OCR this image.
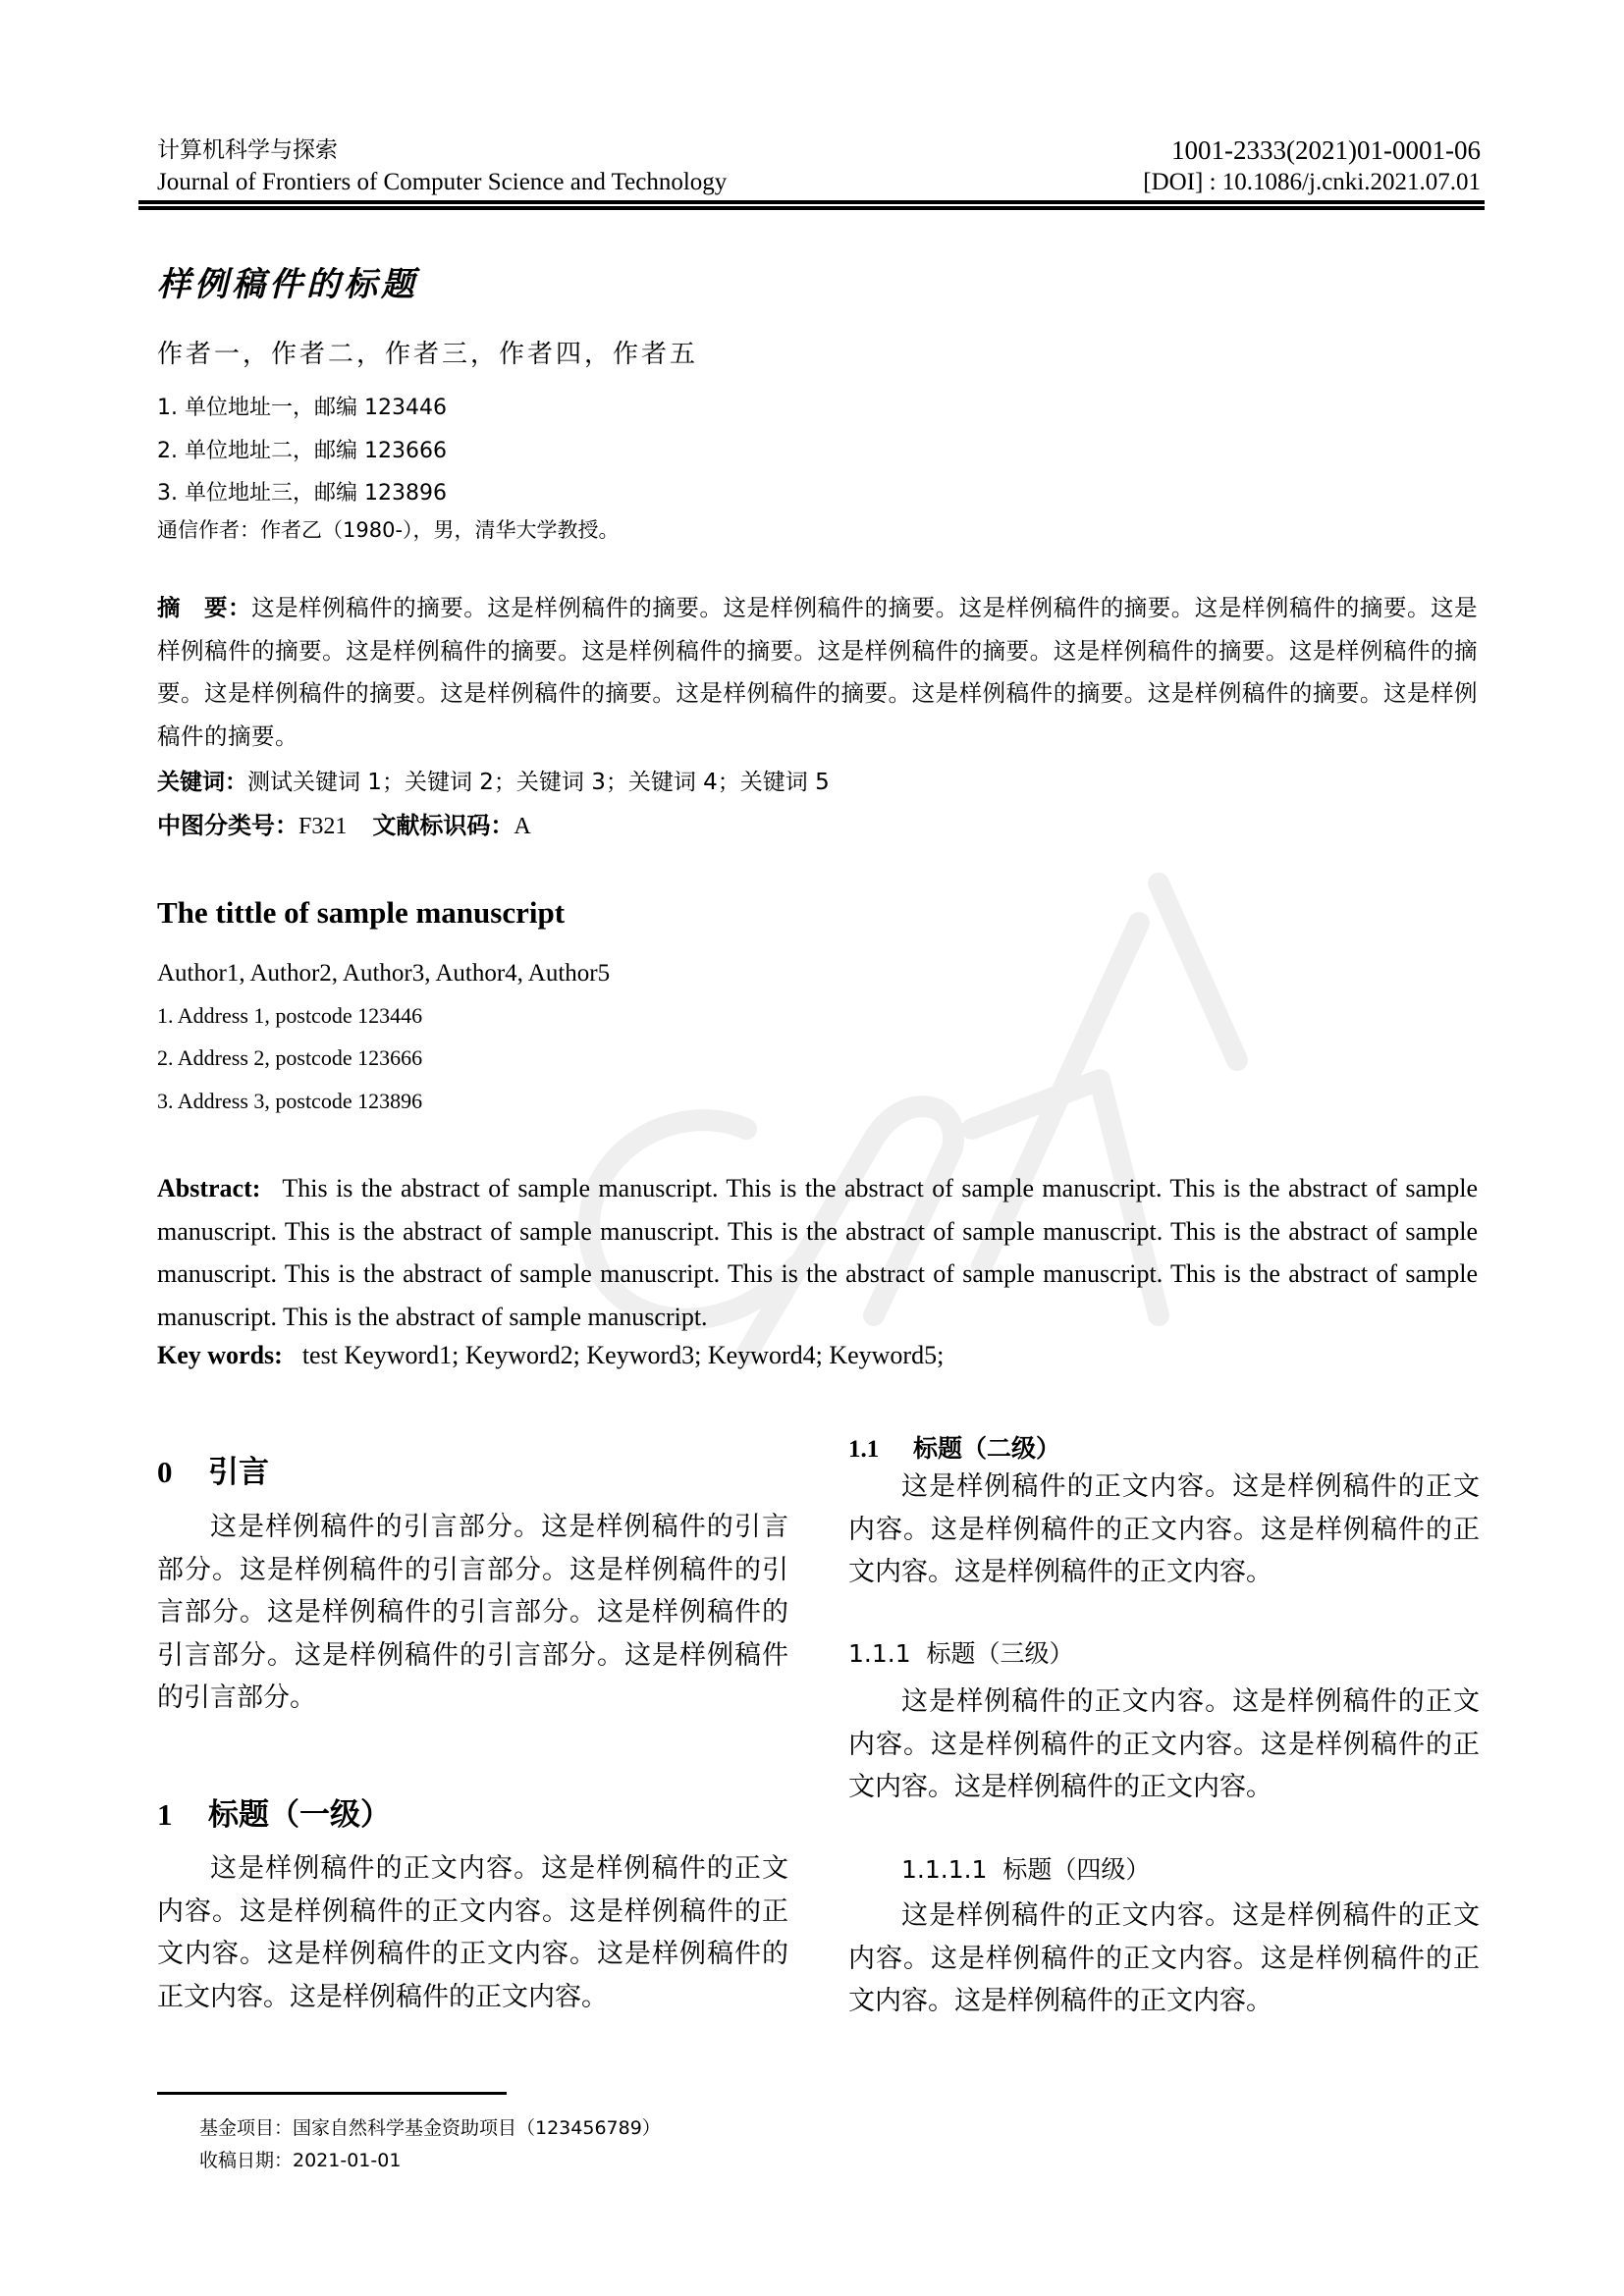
计算机科学与探索
Journal of Frontiers of Computer Science and Technology
1001-2333(2021)01-0001-06
[DOI] : 10.1086/j.cnki.2021.07.01
样例稿件的标题
作者一，作者二，作者三，作者四，作者五
1. 单位地址一，邮编 123446
2. 单位地址二，邮编 123666
3. 单位地址三，邮编 123896
通信作者：作者乙（1980-），男，清华大学教授。
摘　要：这是样例稿件的摘要。这是样例稿件的摘要。这是样例稿件的摘要。这是样例稿件的摘要。这是样例稿件的摘要。这是样例稿件的摘要。这是样例稿件的摘要。这是样例稿件的摘要。这是样例稿件的摘要。这是样例稿件的摘要。这是样例稿件的摘要。这是样例稿件的摘要。这是样例稿件的摘要。这是样例稿件的摘要。这是样例稿件的摘要。这是样例稿件的摘要。这是样例稿件的摘要。
关键词：测试关键词 1；关键词 2；关键词 3；关键词 4；关键词 5
中图分类号：F321 文献标识码：A
The tittle of sample manuscript
Author1, Author2, Author3, Author4, Author5
1. Address 1, postcode 123446
2. Address 2, postcode 123666
3. Address 3, postcode 123896
Abstract: This is the abstract of sample manuscript. This is the abstract of sample manuscript. This is the abstract of sample manuscript. This is the abstract of sample manuscript. This is the abstract of sample manuscript. This is the abstract of sample manuscript. This is the abstract of sample manuscript. This is the abstract of sample manuscript. This is the abstract of sample manuscript. This is the abstract of sample manuscript.
Key words: test Keyword1; Keyword2; Keyword3; Keyword4; Keyword5;
0 引言
这是样例稿件的引言部分。这是样例稿件的引言部分。这是样例稿件的引言部分。这是样例稿件的引言部分。这是样例稿件的引言部分。这是样例稿件的引言部分。这是样例稿件的引言部分。这是样例稿件的引言部分。
1 标题（一级）
这是样例稿件的正文内容。这是样例稿件的正文内容。这是样例稿件的正文内容。这是样例稿件的正文内容。这是样例稿件的正文内容。这是样例稿件的正文内容。这是样例稿件的正文内容。
1.1 标题（二级）
这是样例稿件的正文内容。这是样例稿件的正文内容。这是样例稿件的正文内容。这是样例稿件的正文内容。这是样例稿件的正文内容。
1.1.1  标题（三级）
这是样例稿件的正文内容。这是样例稿件的正文内容。这是样例稿件的正文内容。这是样例稿件的正文内容。这是样例稿件的正文内容。
1.1.1.1  标题（四级）
这是样例稿件的正文内容。这是样例稿件的正文内容。这是样例稿件的正文内容。这是样例稿件的正文内容。这是样例稿件的正文内容。
基金项目：国家自然科学基金资助项目（123456789）
收稿日期：2021-01-01
